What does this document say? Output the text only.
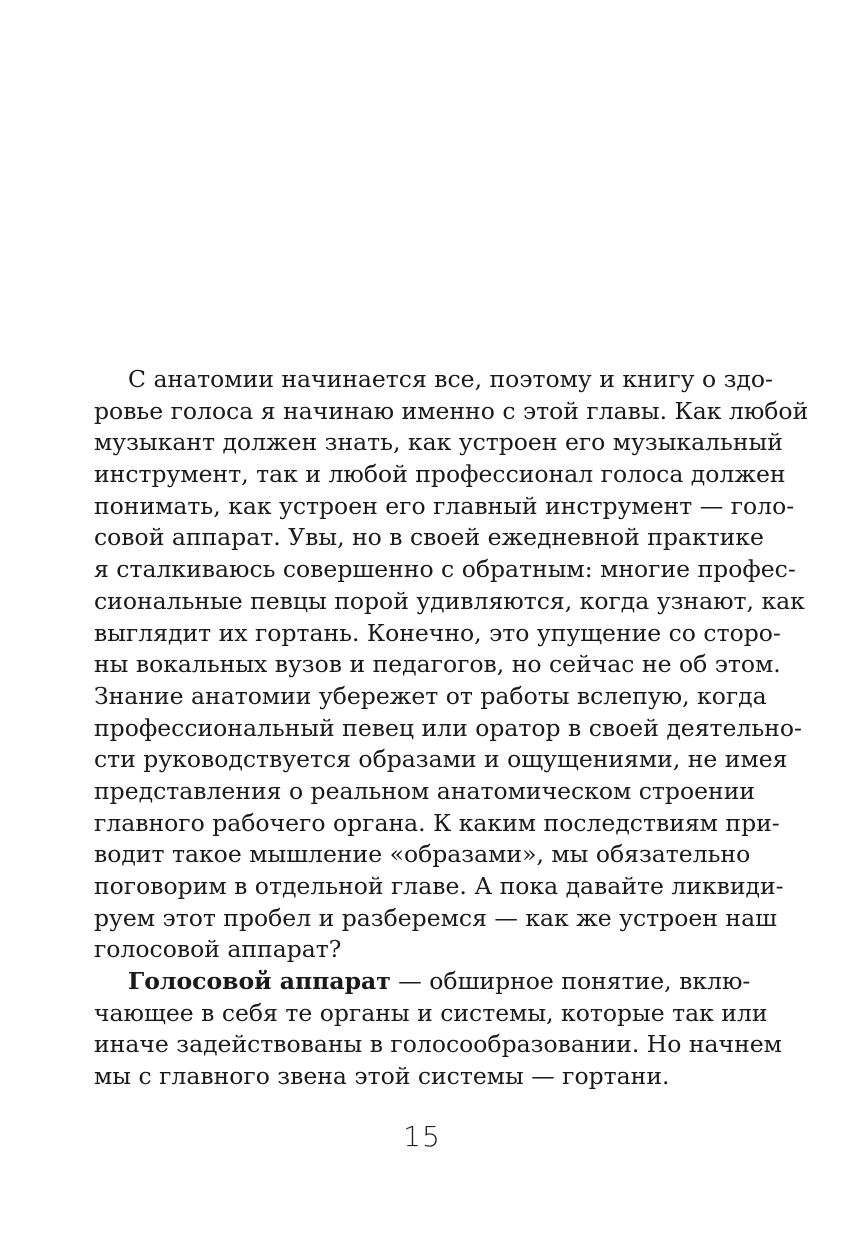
С анатомии начинается все, поэтому и книгу о здо-
ровье голоса я начинаю именно с этой главы. Как любой
музыкант должен знать, как устроен его музыкальный
инструмент, так и любой профессионал голоса должен
понимать, как устроен его главный инструмент — голо-
совой аппарат. Увы, но в своей ежедневной практике
я сталкиваюсь совершенно с обратным: многие профес-
сиональные певцы порой удивляются, когда узнают, как
выглядит их гортань. Конечно, это упущение со сторо-
ны вокальных вузов и педагогов, но сейчас не об этом.
Знание анатомии убережет от работы вслепую, когда
профессиональный певец или оратор в своей деятельно-
сти руководствуется образами и ощущениями, не имея
представления о реальном анатомическом строении
главного рабочего органа. К каким последствиям при-
водит такое мышление «образами», мы обязательно
поговорим в отдельной главе. А пока давайте ликвиди-
руем этот пробел и разберемся — как же устроен наш
голосовой аппарат?
Голосовой аппарат — обширное понятие, вклю-
чающее в себя те органы и системы, которые так или
иначе задействованы в голосообразовании. Но начнем
мы с главного звена этой системы — гортани.
15
